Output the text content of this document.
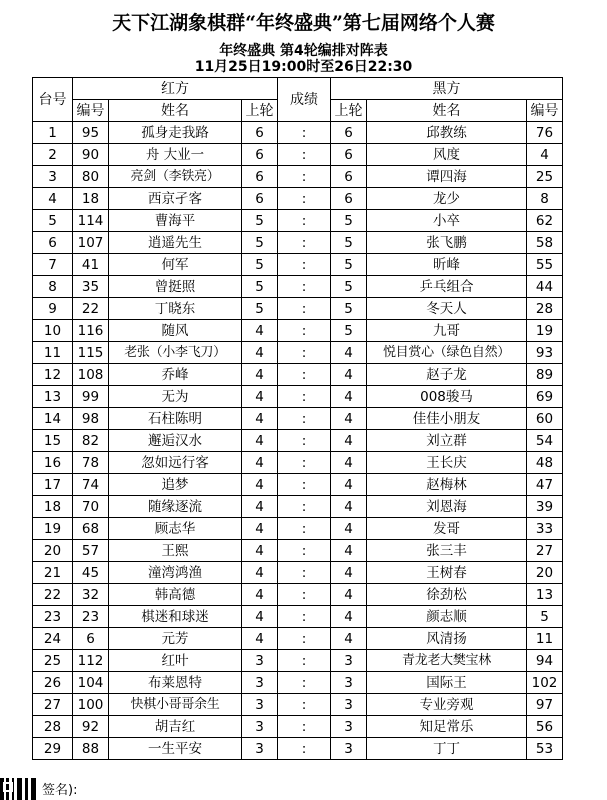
天下江湖象棋群“年终盛典”第七届网络个人赛
年终盛典 第4轮编排对阵表
11月25日19:00时至26日22:30
台号	红方			成绩	黑方		
	编号	姓名	上轮		上轮	姓名	编号
1	95	孤身走我路	6	:	6	邱教练	76
2	90	舟 大业一	6	:	6	风度	4
3	80	亮剑（李铁亮）	6	:	6	谭四海	25
4	18	西京孑客	6	:	6	龙少	8
5	114	曹海平	5	:	5	小卒	62
6	107	逍遥先生	5	:	5	张飞鹏	58
7	41	何军	5	:	5	昕峰	55
8	35	曾挺照	5	:	5	乒乓组合	44
9	22	丁晓东	5	:	5	冬天人	28
10	116	随风	4	:	5	九哥	19
11	115	老张（小李飞刀）	4	:	4	悦目赏心（绿色自然）	93
12	108	乔峰	4	:	4	赵子龙	89
13	99	无为	4	:	4	008骏马	69
14	98	石柱陈明	4	:	4	佳佳小朋友	60
15	82	邂逅汉水	4	:	4	刘立群	54
16	78	忽如远行客	4	:	4	王长庆	48
17	74	追梦	4	:	4	赵梅林	47
18	70	随缘逐流	4	:	4	刘恩海	39
19	68	顾志华	4	:	4	发哥	33
20	57	王熙	4	:	4	张三丰	27
21	45	潼湾鸿渔	4	:	4	王树春	20
22	32	韩高德	4	:	4	徐劲松	13
23	23	棋迷和球迷	4	:	4	颜志顺	5
24	6	元芳	4	:	4	风清扬	11
25	112	红叶	3	:	3	青龙老大樊宝林	94
26	104	布莱恩特	3	:	3	国际王	102
27	100	快棋小哥哥余生	3	:	3	专业旁观	97
28	92	胡吉红	3	:	3	知足常乐	56
29	88	一生平安	3	:	3	丁丁	53
签名):
